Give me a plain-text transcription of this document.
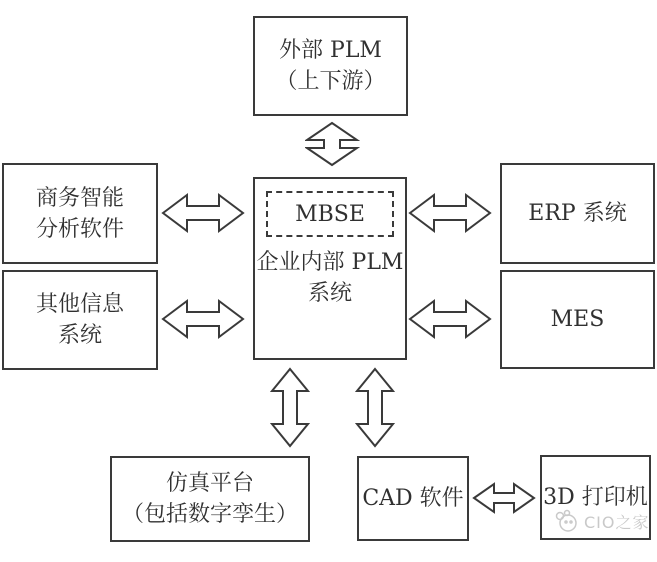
外部 PLM
（上下游）
MBSE
企业内部 PLM
系统
商务智能
分析软件
其他信息
系统
ERP 系统
MES
仿真平台
（包括数字孪生）
CAD 软件	3D 打印机
CIO之家
